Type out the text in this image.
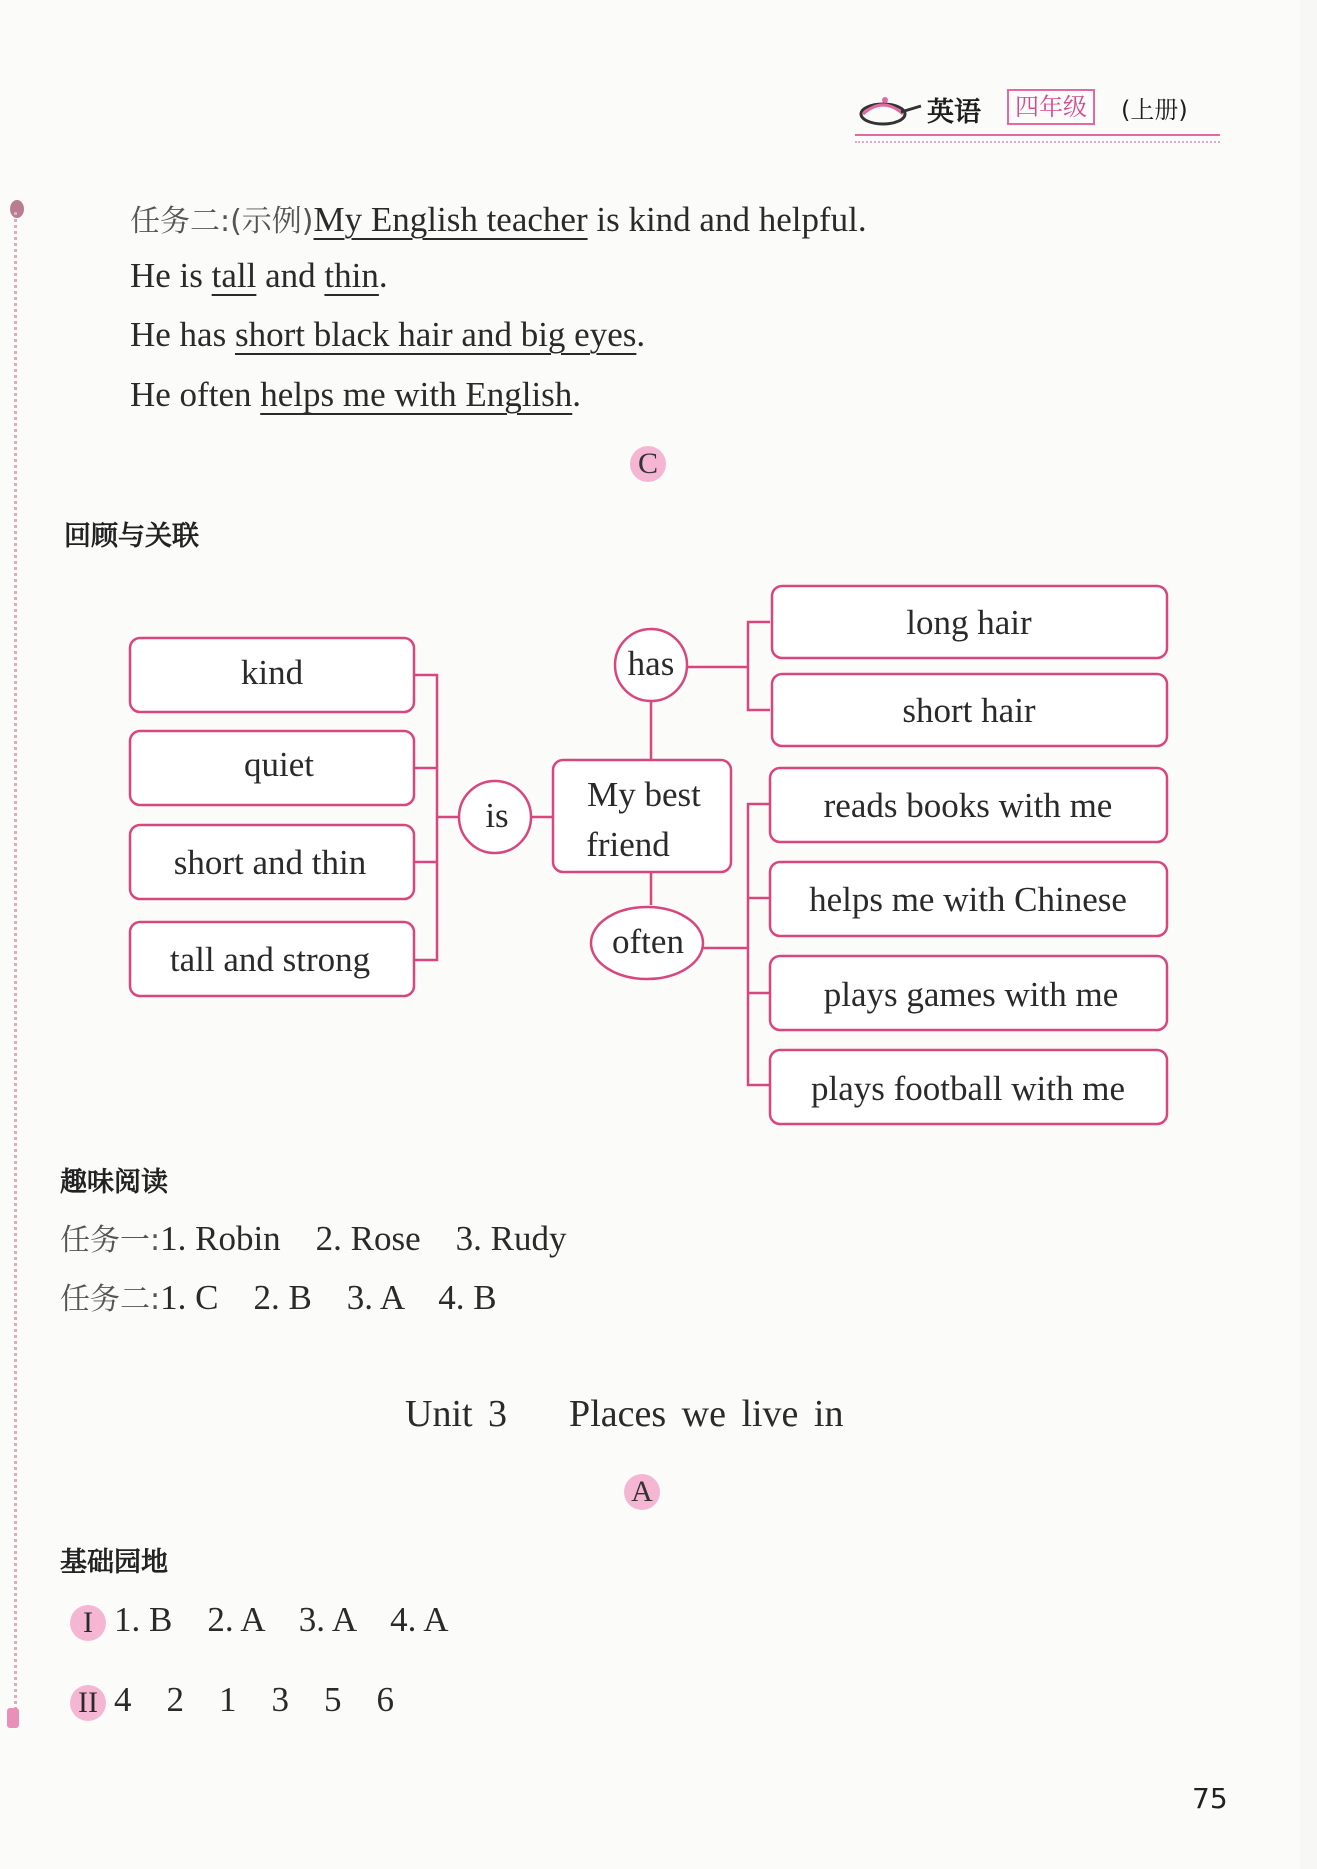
英语	四年级	(上册)
任务二:(示例)My English teacher is kind and helpful.
He is tall and thin.
He has short black hair and big eyes.
He often helps me with English.
C
回顾与关联
kind
quiet
short and thin
tall and strong
is
My best
friend
has
often
long hair
short hair
reads books with me
helps me with Chinese
plays games with me
plays football with me
趣味阅读
任务一:1. Robin    2. Rose    3. Rudy
任务二:1. C    2. B    3. A    4. B
Unit 3    Places we live in
A
基础园地
I 1. B    2. A    3. A    4. A
II 4    2    1    3    5    6
75
